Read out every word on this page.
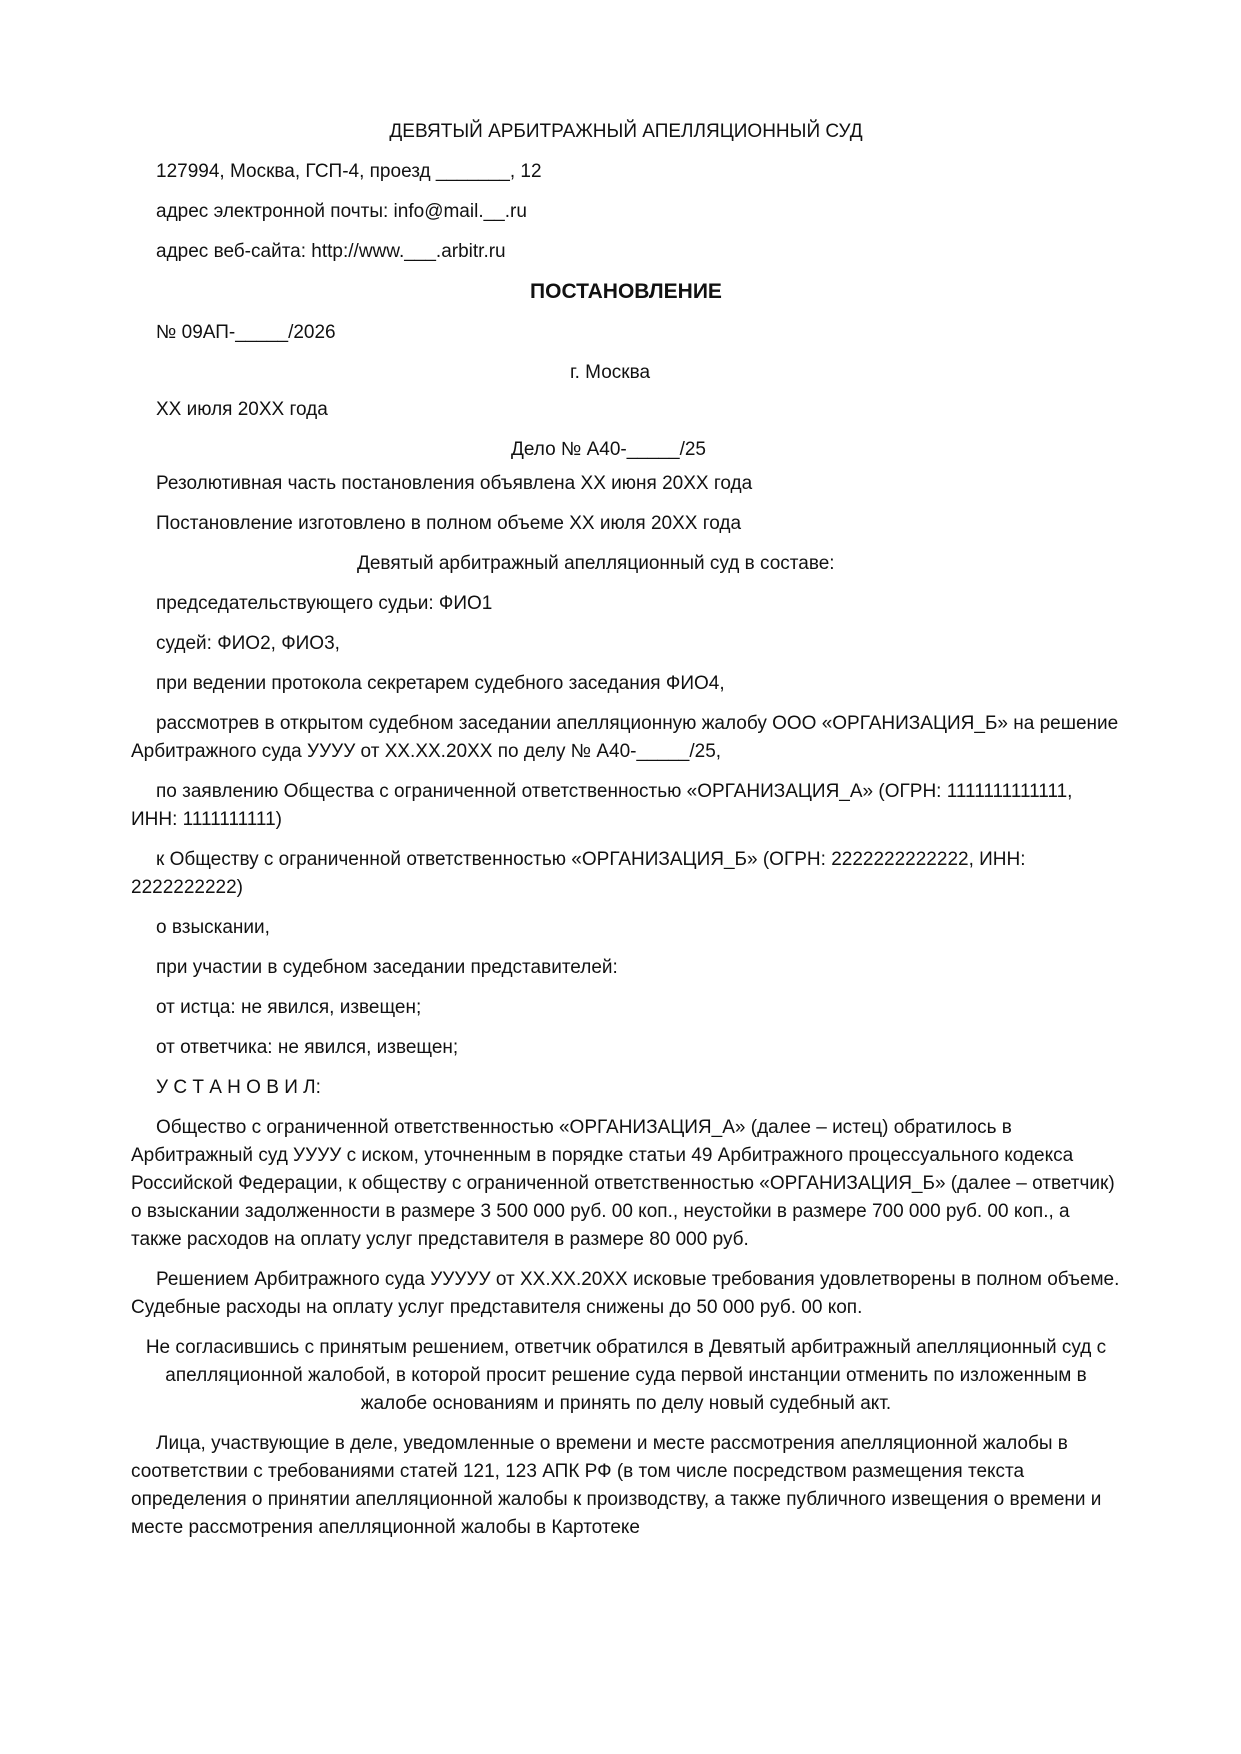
ДЕВЯТЫЙ АРБИТРАЖНЫЙ АПЕЛЛЯЦИОННЫЙ СУД

127994, Москва, ГСП-4, проезд _______, 12

адрес электронной почты: info@mail.__.ru

адрес веб-сайта: http://www.___.arbitr.ru

ПОСТАНОВЛЕНИЕ

№ 09АП-_____/2026

г. Москва

ХХ июля 20ХХ года

Дело № А40-_____/25

Резолютивная часть постановления объявлена ХХ июня 20ХХ года

Постановление изготовлено в полном объеме ХХ июля 20ХХ года

Девятый арбитражный апелляционный суд в составе:

председательствующего судьи: ФИО1

судей: ФИО2, ФИО3,

при ведении протокола секретарем судебного заседания ФИО4,

рассмотрев в открытом судебном заседании апелляционную жалобу ООО «ОРГАНИЗАЦИЯ_Б» на решение Арбитражного суда УУУУ от ХХ.ХХ.20ХХ по делу № А40-_____/25,

по заявлению Общества с ограниченной ответственностью «ОРГАНИЗАЦИЯ_А» (ОГРН: 1111111111111, ИНН: 1111111111)

к Обществу с ограниченной ответственностью «ОРГАНИЗАЦИЯ_Б» (ОГРН: 2222222222222, ИНН: 2222222222)

о взыскании,

при участии в судебном заседании представителей:

от истца: не явился, извещен;

от ответчика: не явился, извещен;

У С Т А Н О В И Л:

Общество с ограниченной ответственностью «ОРГАНИЗАЦИЯ_А» (далее – истец) обратилось в Арбитражный суд УУУУ с иском, уточненным в порядке статьи 49 Арбитражного процессуального кодекса Российской Федерации, к обществу с ограниченной ответственностью «ОРГАНИЗАЦИЯ_Б» (далее – ответчик) о взыскании задолженности в размере 3 500 000 руб. 00 коп., неустойки в размере 700 000 руб. 00 коп., а также расходов на оплату услуг представителя в размере 80 000 руб.

Решением Арбитражного суда УУУУУ от ХХ.ХХ.20ХХ исковые требования удовлетворены в полном объеме. Судебные расходы на оплату услуг представителя снижены до 50 000 руб. 00 коп.

Не согласившись с принятым решением, ответчик обратился в Девятый арбитражный апелляционный суд с апелляционной жалобой, в которой просит решение суда первой инстанции отменить по изложенным в жалобе основаниям и принять по делу новый судебный акт.

Лица, участвующие в деле, уведомленные о времени и месте рассмотрения апелляционной жалобы в соответствии с требованиями статей 121, 123 АПК РФ (в том числе посредством размещения текста определения о принятии апелляционной жалобы к производству, а также публичного извещения о времени и месте рассмотрения апелляционной жалобы в Картотеке
